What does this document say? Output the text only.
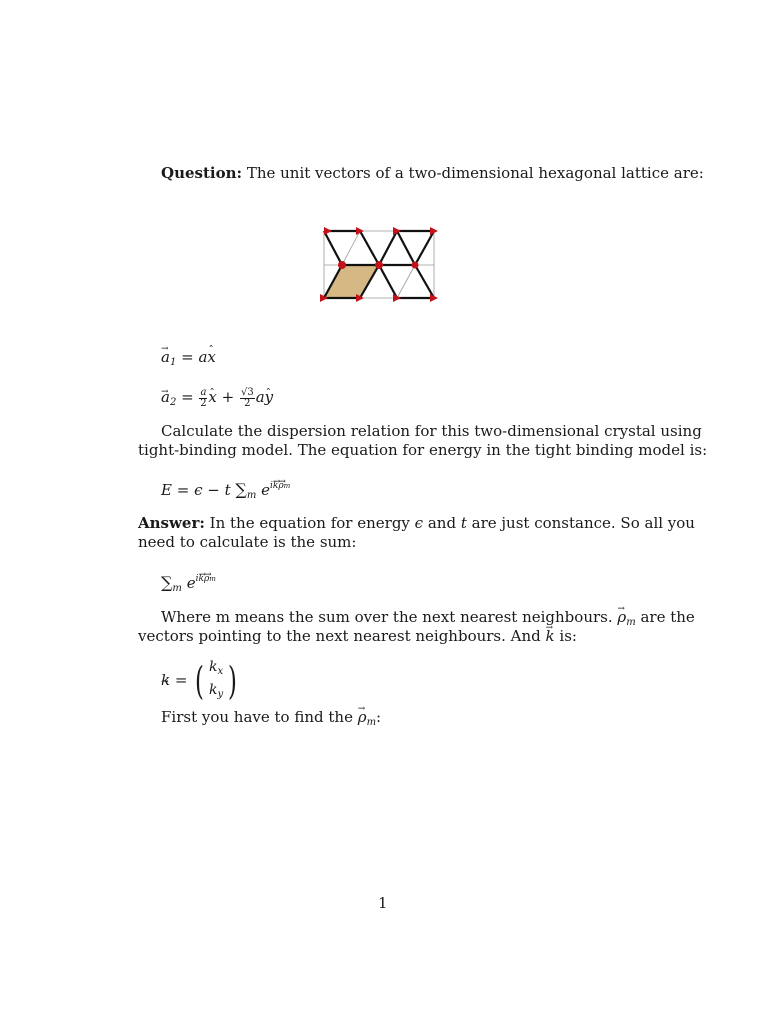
Question: The unit vectors of a two-dimensional hexagonal lattice are:
→ $a_1$ = aˆ x
→ $a_2 = \frac{a}{2}$
ˆ $x + \frac{√3}{2}$ aˆ y
Calculate the dispersion relation for this two-dimensional crystal using
tight-binding model. The equation for energy in the tight binding model is:
E = ϵ − t $\sum_m$ $e^{i\to k\to \rho m}$
Answer: In the equation for energy ϵ and t are just constance. So all you
need to calculate is the sum:
$\sum_m$ $e^{i\to k\to \rho m}$
Where m means the sum over the next nearest neighbours. → $\rho_m$ are the
vectors pointing to the next nearest neighbours. And → k is:
→ k = ( $k_x$
$k_y$ )
First you have to find the → $\rho_m$:
1
